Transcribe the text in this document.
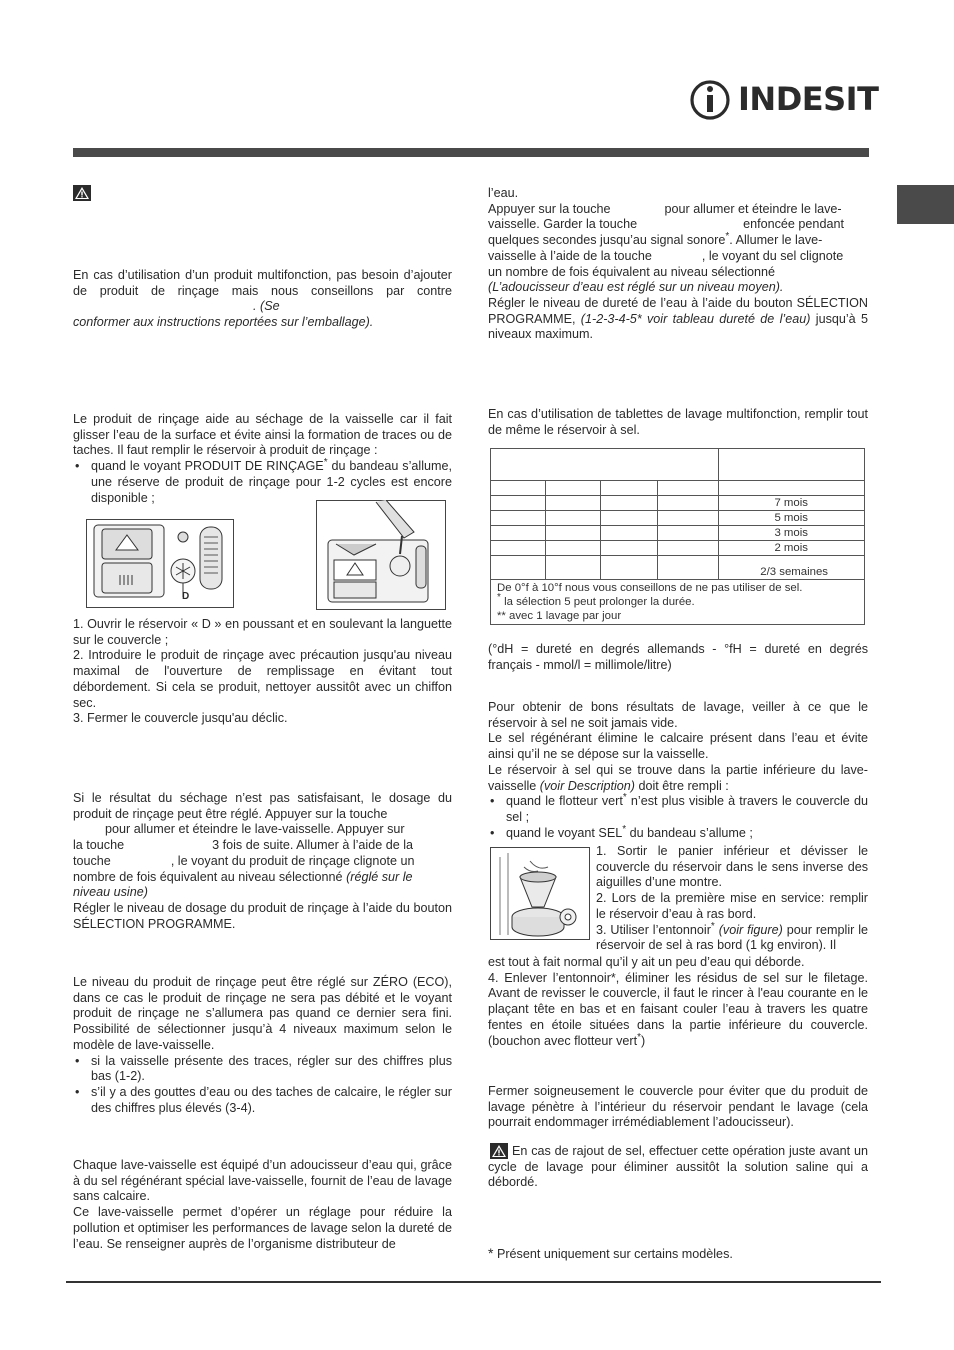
INDESIT

En cas d’utilisation d’un produit multifonction, pas besoin d’ajouter de produit de rinçage mais nous conseillons par contre . (Se
conformer aux instructions reportées sur l’emballage).

Le produit de rinçage aide au séchage de la vaisselle car il fait glisser l’eau de la surface et évite ainsi la formation de traces ou de taches. Il faut remplir le réservoir à produit de rinçage :

• quand le voyant PRODUIT DE RINÇAGE* du bandeau s’allume, une réserve de produit de rinçage pour 1-2 cycles est encore disponible ;
D

1. Ouvrir le réservoir « D » en poussant et en soulevant la languette sur le couvercle ;

2. Introduire le produit de rinçage avec précaution jusqu'au niveau maximal de l'ouverture de remplissage en évitant tout débordement. Si cela se produit, nettoyer aussitôt avec un chiffon sec.

3. Fermer le couvercle jusqu'au déclic.

Si le résultat du séchage n’est pas satisfaisant, le dosage du produit de rinçage peut être réglé. Appuyer sur la touche

pour allumer et éteindre le lave-vaisselle. Appuyer sur

la touche	3 fois de suite. Allumer à l’aide de la

touche	, le voyant du produit de rinçage clignote un

nombre de fois équivalent au niveau sélectionné (réglé sur le

niveau usine)

Régler le niveau de dosage du produit de rinçage à l’aide du bouton SÉLECTION PROGRAMME.

Le niveau du produit de rinçage peut être réglé sur ZÉRO (ECO), dans ce cas le produit de rinçage ne sera pas débité et le voyant produit de rinçage ne s’allumera pas quand ce dernier sera fini. Possibilité de sélectionner jusqu’à 4 niveaux maximum selon le modèle de lave-vaisselle.

• si la vaisselle présente des traces, régler sur des chiffres plus bas (1-2).
• s’il y a des gouttes d’eau ou des taches de calcaire, le régler sur des chiffres plus élevés (3-4).

Chaque lave-vaisselle est équipé d’un adoucisseur d’eau qui, grâce à du sel régénérant spécial lave-vaisselle, fournit de l’eau de lavage sans calcaire.

Ce lave-vaisselle permet d’opérer un réglage pour réduire la pollution et optimiser les performances de lavage selon la dureté de l’eau. Se renseigner auprès de l’organisme distributeur de

l’eau.

Appuyer sur la touche	pour allumer et éteindre le lave-

vaisselle. Garder la touche	enfoncée pendant

quelques secondes jusqu’au signal sonore*. Allumer le lave-

vaisselle à l’aide de la touche	, le voyant du sel clignote

un nombre de fois équivalent au niveau sélectionné

(L’adoucisseur d’eau est réglé sur un niveau moyen).

Régler le niveau de dureté de l’eau à l’aide du bouton SÉLECTION PROGRAMME, (1-2-3-4-5* voir tableau dureté de l’eau) jusqu’à 5 niveaux maximum.

En cas d’utilisation de tablettes de lavage multifonction, remplir tout de même le réservoir à sel.

				7 mois
				5 mois
				3 mois
				2 mois
				2/3 semaines

De 0°f à 10°f nous vous conseillons de ne pas utiliser de sel.
* la sélection 5 peut prolonger la durée.
** avec 1 lavage par jour				

(°dH = dureté en degrés allemands - °fH = dureté en degrés français - mmol/l = millimole/litre)

Pour obtenir de bons résultats de lavage, veiller à ce que le réservoir à sel ne soit jamais vide.

Le sel régénérant élimine le calcaire présent dans l’eau et évite ainsi qu’il ne se dépose sur la vaisselle.

Le réservoir à sel qui se trouve dans la partie inférieure du lave-vaisselle (voir Description) doit être rempli :

• quand le flotteur vert* n’est plus visible à travers le couvercle du sel ;
• quand le voyant SEL* du bandeau s’allume ;

1. Sortir le panier inférieur et dévisser le couvercle du réservoir dans le sens inverse des aiguilles d’une montre.

2. Lors de la première mise en service: remplir le réservoir d’eau à ras bord.

3. Utiliser l’entonnoir* (voir figure) pour remplir le réservoir de sel à ras bord (1 kg environ). Il

est tout à fait normal qu’il y ait un peu d’eau qui déborde.

4. Enlever l’entonnoir*, éliminer les résidus de sel sur le filetage. Avant de revisser le couvercle, il faut le rincer à l'eau courante en le plaçant tête en bas et en faisant couler l’eau à travers les quatre fentes en étoile situées dans la partie inférieure du couvercle. (bouchon avec flotteur vert*)

Fermer soigneusement le couvercle pour éviter que du produit de lavage pénètre à l’intérieur du réservoir pendant le lavage (cela pourrait endommager irrémédiablement l’adoucisseur).

En cas de rajout de sel, effectuer cette opération juste avant un cycle de lavage pour éliminer aussitôt la solution saline qui a débordé.

* Présent uniquement sur certains modèles.
